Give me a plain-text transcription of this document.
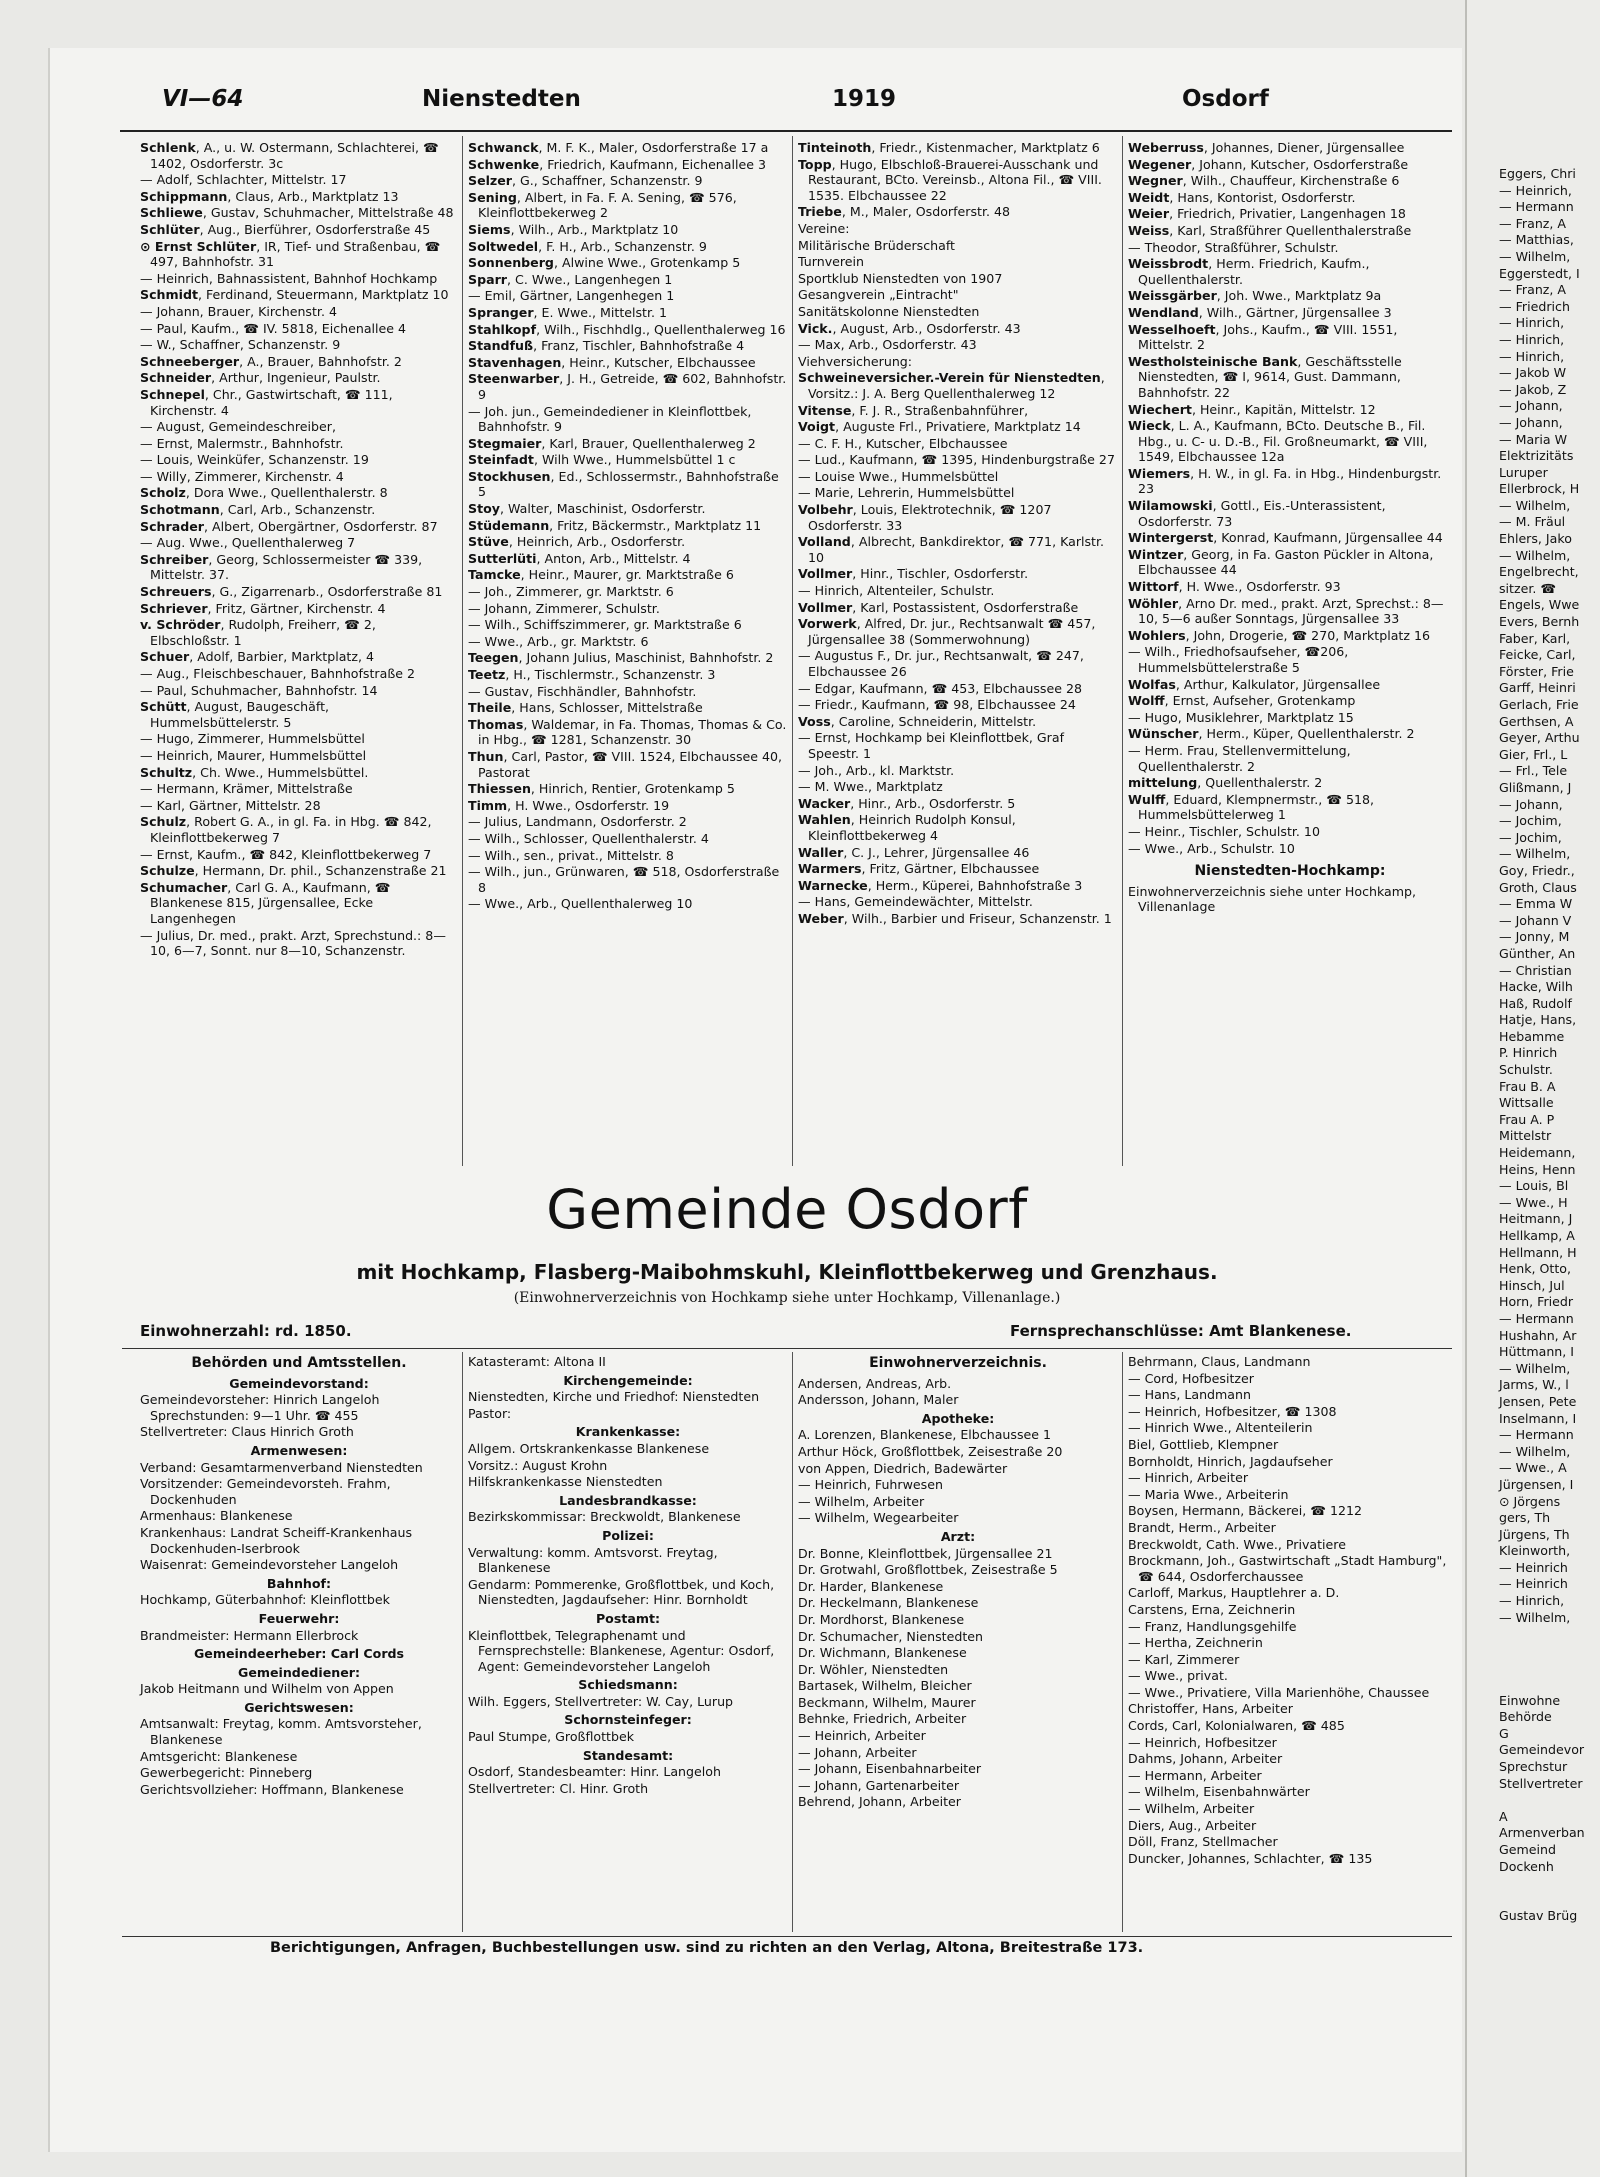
VI—64	Nienstedten	1919	Osdorf
Schlenk, A., u. W. Ostermann, Schlachterei, ☎ 1402, Osdorferstr. 3c
— Adolf, Schlachter, Mittelstr. 17
Schippmann, Claus, Arb., Marktplatz 13
Schliewe, Gustav, Schuhmacher, Mittelstraße 48
Schlüter, Aug., Bierführer, Osdorferstraße 45
⊙ Ernst Schlüter, IR, Tief- und Straßenbau, ☎ 497, Bahnhofstr. 31
— Heinrich, Bahnassistent, Bahnhof Hochkamp
Schmidt, Ferdinand, Steuermann, Marktplatz 10
— Johann, Brauer, Kirchenstr. 4
— Paul, Kaufm., ☎ IV. 5818, Eichenallee 4
— W., Schaffner, Schanzenstr. 9
Schneeberger, A., Brauer, Bahnhofstr. 2
Schneider, Arthur, Ingenieur, Paulstr.
Schnepel, Chr., Gastwirtschaft, ☎ 111, Kirchenstr. 4
— August, Gemeindeschreiber,
— Ernst, Malermstr., Bahnhofstr.
— Louis, Weinküfer, Schanzenstr. 19
— Willy, Zimmerer, Kirchenstr. 4
Scholz, Dora Wwe., Quellenthalerstr. 8
Schotmann, Carl, Arb., Schanzenstr.
Schrader, Albert, Obergärtner, Osdorferstr. 87
— Aug. Wwe., Quellenthalerweg 7
Schreiber, Georg, Schlossermeister ☎ 339, Mittelstr. 37.
Schreuers, G., Zigarrenarb., Osdorferstraße 81
Schriever, Fritz, Gärtner, Kirchenstr. 4
v. Schröder, Rudolph, Freiherr, ☎ 2, Elbschloßstr. 1
Schuer, Adolf, Barbier, Marktplatz, 4
— Aug., Fleischbeschauer, Bahnhofstraße 2
— Paul, Schuhmacher, Bahnhofstr. 14
Schütt, August, Baugeschäft, Hummelsbüttelerstr. 5
— Hugo, Zimmerer, Hummelsbüttel
— Heinrich, Maurer, Hummelsbüttel
Schultz, Ch. Wwe., Hummelsbüttel.
— Hermann, Krämer, Mittelstraße
— Karl, Gärtner, Mittelstr. 28
Schulz, Robert G. A., in gl. Fa. in Hbg. ☎ 842, Kleinflottbekerweg 7
— Ernst, Kaufm., ☎ 842, Kleinflottbekerweg 7
Schulze, Hermann, Dr. phil., Schanzenstraße 21
Schumacher, Carl G. A., Kaufmann, ☎ Blankenese 815, Jürgensallee, Ecke Langenhegen
— Julius, Dr. med., prakt. Arzt, Sprechstund.: 8—10, 6—7, Sonnt. nur 8—10, Schanzenstr.
Schwanck, M. F. K., Maler, Osdorferstraße 17 a
Schwenke, Friedrich, Kaufmann, Eichenallee 3
Selzer, G., Schaffner, Schanzenstr. 9
Sening, Albert, in Fa. F. A. Sening, ☎ 576, Kleinflottbekerweg 2
Siems, Wilh., Arb., Marktplatz 10
Soltwedel, F. H., Arb., Schanzenstr. 9
Sonnenberg, Alwine Wwe., Grotenkamp 5
Sparr, C. Wwe., Langenhegen 1
— Emil, Gärtner, Langenhegen 1
Spranger, E. Wwe., Mittelstr. 1
Stahlkopf, Wilh., Fischhdlg., Quellenthalerweg 16
Standfuß, Franz, Tischler, Bahnhofstraße 4
Stavenhagen, Heinr., Kutscher, Elbchaussee
Steenwarber, J. H., Getreide, ☎ 602, Bahnhofstr. 9
— Joh. jun., Gemeindediener in Kleinflottbek, Bahnhofstr. 9
Stegmaier, Karl, Brauer, Quellenthalerweg 2
Steinfadt, Wilh Wwe., Hummelsbüttel 1 c
Stockhusen, Ed., Schlossermstr., Bahnhofstraße 5
Stoy, Walter, Maschinist, Osdorferstr.
Stüdemann, Fritz, Bäckermstr., Marktplatz 11
Stüve, Heinrich, Arb., Osdorferstr.
Sutterlüti, Anton, Arb., Mittelstr. 4
Tamcke, Heinr., Maurer, gr. Marktstraße 6
— Joh., Zimmerer, gr. Marktstr. 6
— Johann, Zimmerer, Schulstr.
— Wilh., Schiffszimmerer, gr. Marktstraße 6
— Wwe., Arb., gr. Marktstr. 6
Teegen, Johann Julius, Maschinist, Bahnhofstr. 2
Teetz, H., Tischlermstr., Schanzenstr. 3
— Gustav, Fischhändler, Bahnhofstr.
Theile, Hans, Schlosser, Mittelstraße
Thomas, Waldemar, in Fa. Thomas, Thomas & Co. in Hbg., ☎ 1281, Schanzenstr. 30
Thun, Carl, Pastor, ☎ VIII. 1524, Elbchaussee 40, Pastorat
Thiessen, Hinrich, Rentier, Grotenkamp 5
Timm, H. Wwe., Osdorferstr. 19
— Julius, Landmann, Osdorferstr. 2
— Wilh., Schlosser, Quellenthalerstr. 4
— Wilh., sen., privat., Mittelstr. 8
— Wilh., jun., Grünwaren, ☎ 518, Osdorferstraße 8
— Wwe., Arb., Quellenthalerweg 10
Tinteinoth, Friedr., Kistenmacher, Marktplatz 6
Topp, Hugo, Elbschloß-Brauerei-Ausschank und Restaurant, BCto. Vereinsb., Altona Fil., ☎ VIII. 1535. Elbchaussee 22
Triebe, M., Maler, Osdorferstr. 48
Vereine:
Militärische Brüderschaft
Turnverein
Sportklub Nienstedten von 1907
Gesangverein „Eintracht"
Sanitätskolonne Nienstedten
Vick., August, Arb., Osdorferstr. 43
— Max, Arb., Osdorferstr. 43
Viehversicherung:
Schweineversicher.-Verein für Nienstedten, Vorsitz.: J. A. Berg Quellenthalerweg 12
Vitense, F. J. R., Straßenbahnführer,
Voigt, Auguste Frl., Privatiere, Marktplatz 14
— C. F. H., Kutscher, Elbchaussee
— Lud., Kaufmann, ☎ 1395, Hindenburgstraße 27
— Louise Wwe., Hummelsbüttel
— Marie, Lehrerin, Hummelsbüttel
Volbehr, Louis, Elektrotechnik, ☎ 1207 Osdorferstr. 33
Volland, Albrecht, Bankdirektor, ☎ 771, Karlstr. 10
Vollmer, Hinr., Tischler, Osdorferstr.
— Hinrich, Altenteiler, Schulstr.
Vollmer, Karl, Postassistent, Osdorferstraße
Vorwerk, Alfred, Dr. jur., Rechtsanwalt ☎ 457, Jürgensallee 38 (Sommerwohnung)
— Augustus F., Dr. jur., Rechtsanwalt, ☎ 247, Elbchaussee 26
— Edgar, Kaufmann, ☎ 453, Elbchaussee 28
— Friedr., Kaufmann, ☎ 98, Elbchaussee 24
Voss, Caroline, Schneiderin, Mittelstr.
— Ernst, Hochkamp bei Kleinflottbek, Graf Speestr. 1
— Joh., Arb., kl. Marktstr.
— M. Wwe., Marktplatz
Wacker, Hinr., Arb., Osdorferstr. 5
Wahlen, Heinrich Rudolph Konsul, Kleinflottbekerweg 4
Waller, C. J., Lehrer, Jürgensallee 46
Warmers, Fritz, Gärtner, Elbchaussee
Warnecke, Herm., Küperei, Bahnhofstraße 3
— Hans, Gemeindewächter, Mittelstr.
Weber, Wilh., Barbier und Friseur, Schanzenstr. 1
Weberruss, Johannes, Diener, Jürgensallee
Wegener, Johann, Kutscher, Osdorferstraße
Wegner, Wilh., Chauffeur, Kirchenstraße 6
Weidt, Hans, Kontorist, Osdorferstr.
Weier, Friedrich, Privatier, Langenhagen 18
Weiss, Karl, Straßführer Quellenthalerstraße
— Theodor, Straßführer, Schulstr.
Weissbrodt, Herm. Friedrich, Kaufm., Quellenthalerstr.
Weissgärber, Joh. Wwe., Marktplatz 9a
Wendland, Wilh., Gärtner, Jürgensallee 3
Wesselhoeft, Johs., Kaufm., ☎ VIII. 1551, Mittelstr. 2
Westholsteinische Bank, Geschäftsstelle Nienstedten, ☎ I, 9614, Gust. Dammann, Bahnhofstr. 22
Wiechert, Heinr., Kapitän, Mittelstr. 12
Wieck, L. A., Kaufmann, BCto. Deutsche B., Fil. Hbg., u. C- u. D.-B., Fil. Großneumarkt, ☎ VIII, 1549, Elbchaussee 12a
Wiemers, H. W., in gl. Fa. in Hbg., Hindenburgstr. 23
Wilamowski, Gottl., Eis.-Unterassistent, Osdorferstr. 73
Wintergerst, Konrad, Kaufmann, Jürgensallee 44
Wintzer, Georg, in Fa. Gaston Pückler in Altona, Elbchaussee 44
Wittorf, H. Wwe., Osdorferstr. 93
Wöhler, Arno Dr. med., prakt. Arzt, Sprechst.: 8—10, 5—6 außer Sonntags, Jürgensallee 33
Wohlers, John, Drogerie, ☎ 270, Marktplatz 16
— Wilh., Friedhofsaufseher, ☎206, Hummelsbüttelerstraße 5
Wolfas, Arthur, Kalkulator, Jürgensallee
Wolff, Ernst, Aufseher, Grotenkamp
— Hugo, Musiklehrer, Marktplatz 15
Wünscher, Herm., Küper, Quellenthalerstr. 2
— Herm. Frau, Stellenvermittelung, Quellenthalerstr. 2
mittelung, Quellenthalerstr. 2
Wulff, Eduard, Klempnermstr., ☎ 518, Hummelsbüttelerweg 1
— Heinr., Tischler, Schulstr. 10
— Wwe., Arb., Schulstr. 10
Nienstedten-Hochkamp:
Einwohnerverzeichnis siehe unter Hochkamp, Villenanlage
Gemeinde Osdorf
mit Hochkamp, Flasberg-Maibohmskuhl, Kleinflottbekerweg und Grenzhaus.
(Einwohnerverzeichnis von Hochkamp siehe unter Hochkamp, Villenanlage.)
Einwohnerzahl: rd. 1850.	Fernsprechanschlüsse: Amt Blankenese.
Behörden und Amtsstellen.
Gemeindevorstand:
Gemeindevorsteher: Hinrich Langeloh Sprechstunden: 9—1 Uhr. ☎ 455
Stellvertreter: Claus Hinrich Groth
Armenwesen:
Verband: Gesamtarmenverband Nienstedten
Vorsitzender: Gemeindevorsteh. Frahm, Dockenhuden
Armenhaus: Blankenese
Krankenhaus: Landrat Scheiff-Krankenhaus Dockenhuden-Iserbrook
Waisenrat: Gemeindevorsteher Langeloh
Bahnhof:
Hochkamp, Güterbahnhof: Kleinflottbek
Feuerwehr:
Brandmeister: Hermann Ellerbrock
Gemeindeerheber: Carl Cords
Gemeindediener:
Jakob Heitmann und Wilhelm von Appen
Gerichtswesen:
Amtsanwalt: Freytag, komm. Amtsvorsteher, Blankenese
Amtsgericht: Blankenese
Gewerbegericht: Pinneberg
Gerichtsvollzieher: Hoffmann, Blankenese
Katasteramt: Altona II
Kirchengemeinde:
Nienstedten, Kirche und Friedhof: Nienstedten
Pastor:
Krankenkasse:
Allgem. Ortskrankenkasse Blankenese
Vorsitz.: August Krohn
Hilfskrankenkasse Nienstedten
Landesbrandkasse:
Bezirkskommissar: Breckwoldt, Blankenese
Polizei:
Verwaltung: komm. Amtsvorst. Freytag, Blankenese
Gendarm: Pommerenke, Großflottbek, und Koch, Nienstedten, Jagdaufseher: Hinr. Bornholdt
Postamt:
Kleinflottbek, Telegraphenamt und Fernsprechstelle: Blankenese, Agentur: Osdorf, Agent: Gemeindevorsteher Langeloh
Schiedsmann:
Wilh. Eggers, Stellvertreter: W. Cay, Lurup
Schornsteinfeger:
Paul Stumpe, Großflottbek
Standesamt:
Osdorf, Standesbeamter: Hinr. Langeloh
Stellvertreter: Cl. Hinr. Groth
Einwohnerverzeichnis.
Andersen, Andreas, Arb.
Andersson, Johann, Maler
Apotheke:
A. Lorenzen, Blankenese, Elbchaussee 1
Arthur Höck, Großflottbek, Zeisestraße 20
von Appen, Diedrich, Badewärter
— Heinrich, Fuhrwesen
— Wilhelm, Arbeiter
— Wilhelm, Wegearbeiter
Arzt:
Dr. Bonne, Kleinflottbek, Jürgensallee 21
Dr. Grotwahl, Großflottbek, Zeisestraße 5
Dr. Harder, Blankenese
Dr. Heckelmann, Blankenese
Dr. Mordhorst, Blankenese
Dr. Schumacher, Nienstedten
Dr. Wichmann, Blankenese
Dr. Wöhler, Nienstedten
Bartasek, Wilhelm, Bleicher
Beckmann, Wilhelm, Maurer
Behnke, Friedrich, Arbeiter
— Heinrich, Arbeiter
— Johann, Arbeiter
— Johann, Eisenbahnarbeiter
— Johann, Gartenarbeiter
Behrend, Johann, Arbeiter
Behrmann, Claus, Landmann
— Cord, Hofbesitzer
— Hans, Landmann
— Heinrich, Hofbesitzer, ☎ 1308
— Hinrich Wwe., Altenteilerin
Biel, Gottlieb, Klempner
Bornholdt, Hinrich, Jagdaufseher
— Hinrich, Arbeiter
— Maria Wwe., Arbeiterin
Boysen, Hermann, Bäckerei, ☎ 1212
Brandt, Herm., Arbeiter
Breckwoldt, Cath. Wwe., Privatiere
Brockmann, Joh., Gastwirtschaft „Stadt Hamburg", ☎ 644, Osdorferchaussee
Carloff, Markus, Hauptlehrer a. D.
Carstens, Erna, Zeichnerin
— Franz, Handlungsgehilfe
— Hertha, Zeichnerin
— Karl, Zimmerer
— Wwe., privat.
— Wwe., Privatiere, Villa Marienhöhe, Chaussee
Christoffer, Hans, Arbeiter
Cords, Carl, Kolonialwaren, ☎ 485
— Heinrich, Hofbesitzer
Dahms, Johann, Arbeiter
— Hermann, Arbeiter
— Wilhelm, Eisenbahnwärter
— Wilhelm, Arbeiter
Diers, Aug., Arbeiter
Döll, Franz, Stellmacher
Duncker, Johannes, Schlachter, ☎ 135
Berichtigungen, Anfragen, Buchbestellungen usw. sind zu richten an den Verlag, Altona, Breitestraße 173.
Eggers, Chri
— Heinrich,
— Hermann
— Franz, A
— Matthias,
— Wilhelm,
Eggerstedt, I
— Franz, A
— Friedrich
— Hinrich,
— Hinrich,
— Hinrich,
— Jakob W
— Jakob, Z
— Johann,
— Johann,
— Maria W
Elektrizitäts
Luruper
Ellerbrock, H
— Wilhelm,
— M. Fräul
Ehlers, Jako
— Wilhelm,
Engelbrecht,
sitzer. ☎
Engels, Wwe
Evers, Bernh
Faber, Karl,
Feicke, Carl,
Förster, Frie
Garff, Heinri
Gerlach, Frie
Gerthsen, A
Geyer, Arthu
Gier, Frl., L
— Frl., Tele
Glißmann, J
— Johann,
— Jochim,
— Jochim,
— Wilhelm,
Goy, Friedr.,
Groth, Claus
— Emma W
— Johann V
— Jonny, M
Günther, An
— Christian
Hacke, Wilh
Haß, Rudolf
Hatje, Hans,
Hebamme
P. Hinrich
Schulstr.
Frau B. A
Wittsalle
Frau A. P
Mittelstr
Heidemann,
Heins, Henn
— Louis, Bl
— Wwe., H
Heitmann, J
Hellkamp, A
Hellmann, H
Henk, Otto,
Hinsch, Jul
Horn, Friedr
— Hermann
Hushahn, Ar
Hüttmann, I
— Wilhelm,
Jarms, W., l
Jensen, Pete
Inselmann, I
— Hermann
— Wilhelm,
— Wwe., A
Jürgensen, I
⊙ Jörgens
gers, Th
Jürgens, Th
Kleinworth,
— Heinrich
— Heinrich
— Hinrich,
— Wilhelm,

Einwohne
Behörde
G
Gemeindevor
Sprechstur
Stellvertreter

A
Armenverban
Gemeind
Dockenh

Gustav Brüg
